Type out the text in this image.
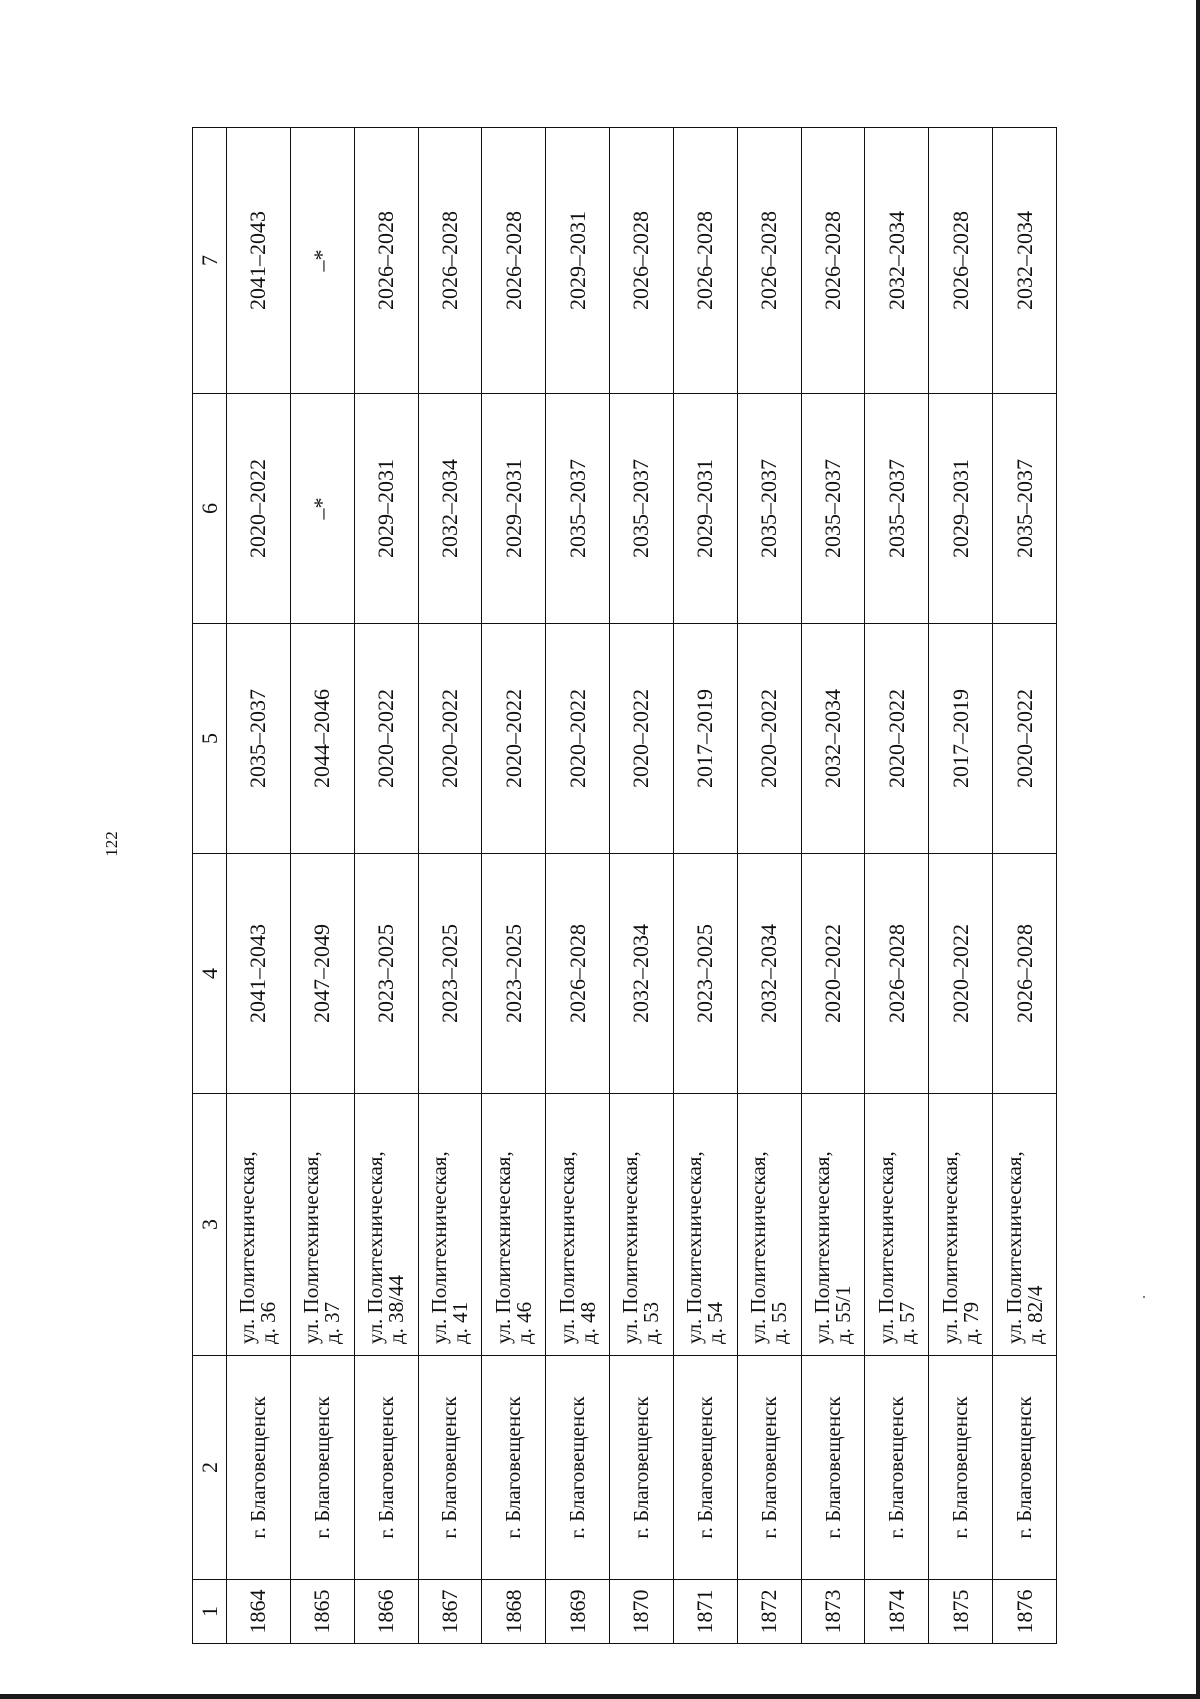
122
1	2	3	4	5	6	7
1864	г. Благовещенск	ул. Политехническая,
д. 36	2041–2043	2035–2037	2020–2022	2041–2043
1865	г. Благовещенск	ул. Политехническая,
д. 37	2047–2049	2044–2046	–*	–*
1866	г. Благовещенск	ул. Политехническая,
д. 38/44	2023–2025	2020–2022	2029–2031	2026–2028
1867	г. Благовещенск	ул. Политехническая,
д. 41	2023–2025	2020–2022	2032–2034	2026–2028
1868	г. Благовещенск	ул. Политехническая,
д. 46	2023–2025	2020–2022	2029–2031	2026–2028
1869	г. Благовещенск	ул. Политехническая,
д. 48	2026–2028	2020–2022	2035–2037	2029–2031
1870	г. Благовещенск	ул. Политехническая,
д. 53	2032–2034	2020–2022	2035–2037	2026–2028
1871	г. Благовещенск	ул. Политехническая,
д. 54	2023–2025	2017–2019	2029–2031	2026–2028
1872	г. Благовещенск	ул. Политехническая,
д. 55	2032–2034	2020–2022	2035–2037	2026–2028
1873	г. Благовещенск	ул. Политехническая,
д. 55/1	2020–2022	2032–2034	2035–2037	2026–2028
1874	г. Благовещенск	ул. Политехническая,
д. 57	2026–2028	2020–2022	2035–2037	2032–2034
1875	г. Благовещенск	ул. Политехническая,
д. 79	2020–2022	2017–2019	2029–2031	2026–2028
1876	г. Благовещенск	ул. Политехническая,
д. 82/4	2026–2028	2020–2022	2035–2037	2032–2034
